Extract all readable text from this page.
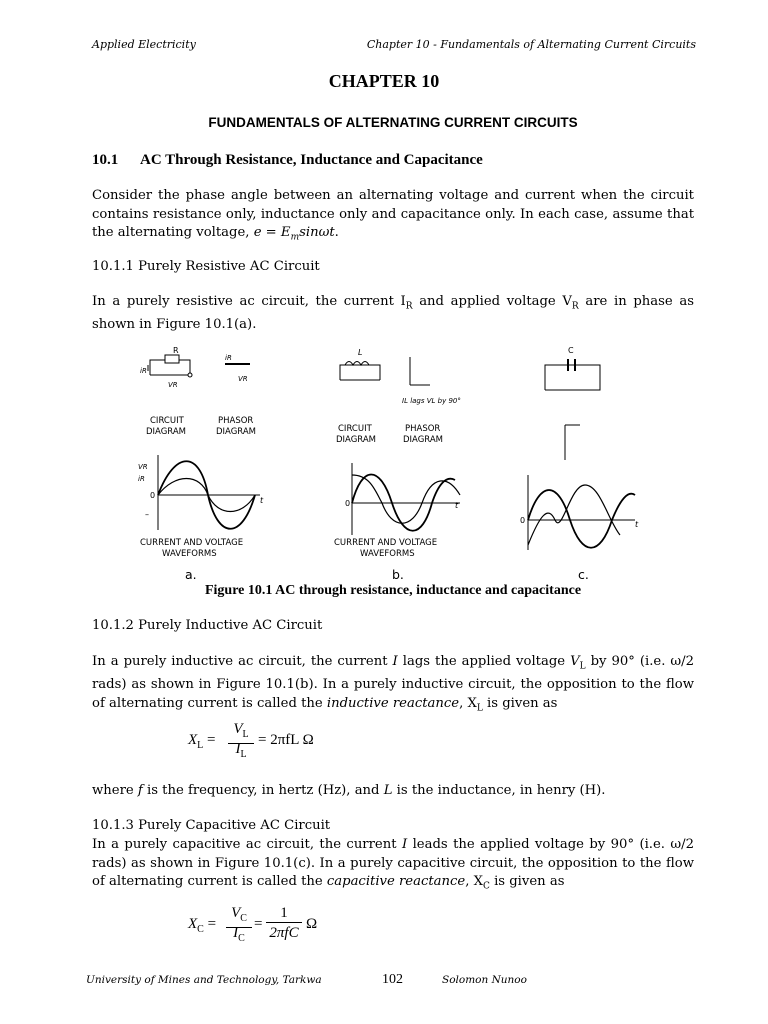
Applied Electricity	Chapter 10 - Fundamentals of Alternating Current Circuits
CHAPTER 10
FUNDAMENTALS OF ALTERNATING CURRENT CIRCUITS
10.1 AC Through Resistance, Inductance and Capacitance
Consider the phase angle between an alternating voltage and current when the circuit contains resistance only, inductance only and capacitance only. In each case, assume that the alternating voltage, $e = E_m\sin\omega t$.
10.1.1 Purely Resistive AC Circuit
In a purely resistive ac circuit, the current $I_R$ and applied voltage $V_R$ are in phase as shown in Figure 10.1(a).
R
iR
VR
iR
VR
CIRCUIT
DIAGRAM
PHASOR
DIAGRAM
VR
iR
0
t
–
CURRENT AND VOLTAGE
WAVEFORMS
L
IL lags VL by 90°
CIRCUIT
DIAGRAM
PHASOR
DIAGRAM
0	t
CURRENT AND VOLTAGE
WAVEFORMS
C
0	t
a.	b.	c.
Figure 10.1 AC through resistance, inductance and capacitance
10.1.2 Purely Inductive AC Circuit
In a purely inductive ac circuit, the current I lags the applied voltage $V_L$ by 90° (i.e. ω/2 rads) as shown in Figure 10.1(b). In a purely inductive circuit, the opposition to the flow of alternating current is called the inductive reactance, $X_L$ is given as
$X_L$ =
$V_L$
$I_L$
= 2πfL Ω
where f is the frequency, in hertz (Hz), and L is the inductance, in henry (H).
10.1.3 Purely Capacitive AC Circuit
In a purely capacitive ac circuit, the current I leads the applied voltage by 90° (i.e. ω/2 rads) as shown in Figure 10.1(c). In a purely capacitive circuit, the opposition to the flow of alternating current is called the capacitive reactance, $X_C$ is given as
$X_C$ =
$V_C$
$I_C$
=
1
2πfC
Ω
University of Mines and Technology, Tarkwa	102	Solomon Nunoo
